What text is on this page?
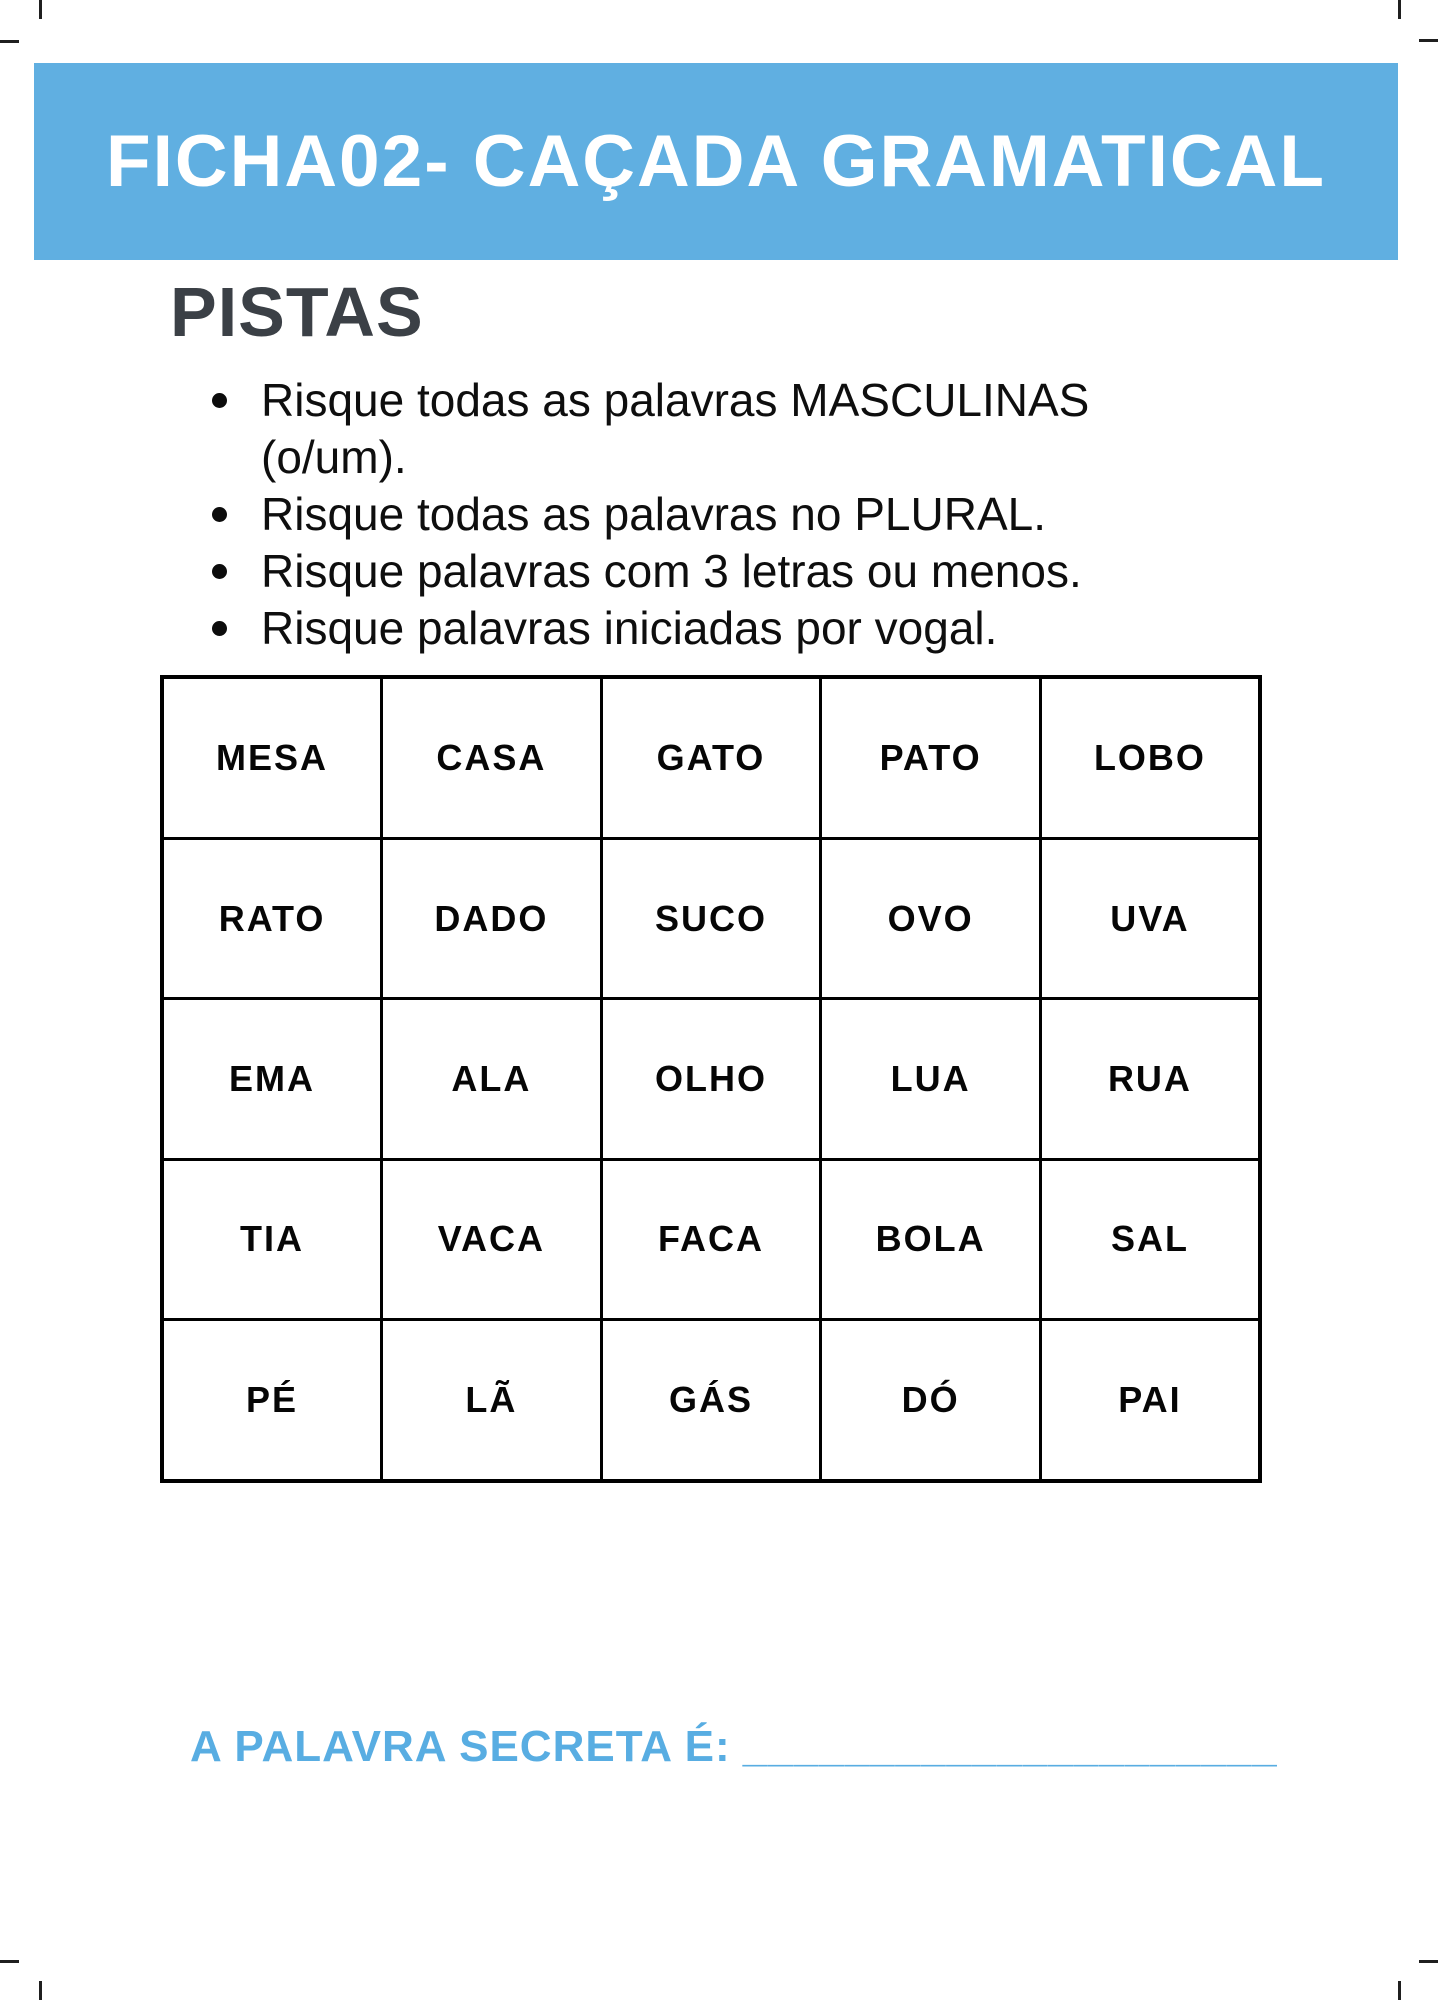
FICHA02- CAÇADA GRAMATICAL
PISTAS
Risque todas as palavras MASCULINAS (o/um).
Risque todas as palavras no PLURAL.
Risque palavras com 3 letras ou menos.
Risque palavras iniciadas por vogal.
MESA	CASA	GATO	PATO	LOBO
RATO	DADO	SUCO	OVO	UVA
EMA	ALA	OLHO	LUA	RUA
TIA	VACA	FACA	BOLA	SAL
PÉ	LÃ	GÁS	DÓ	PAI
A PALAVRA SECRETA É: _____________________
